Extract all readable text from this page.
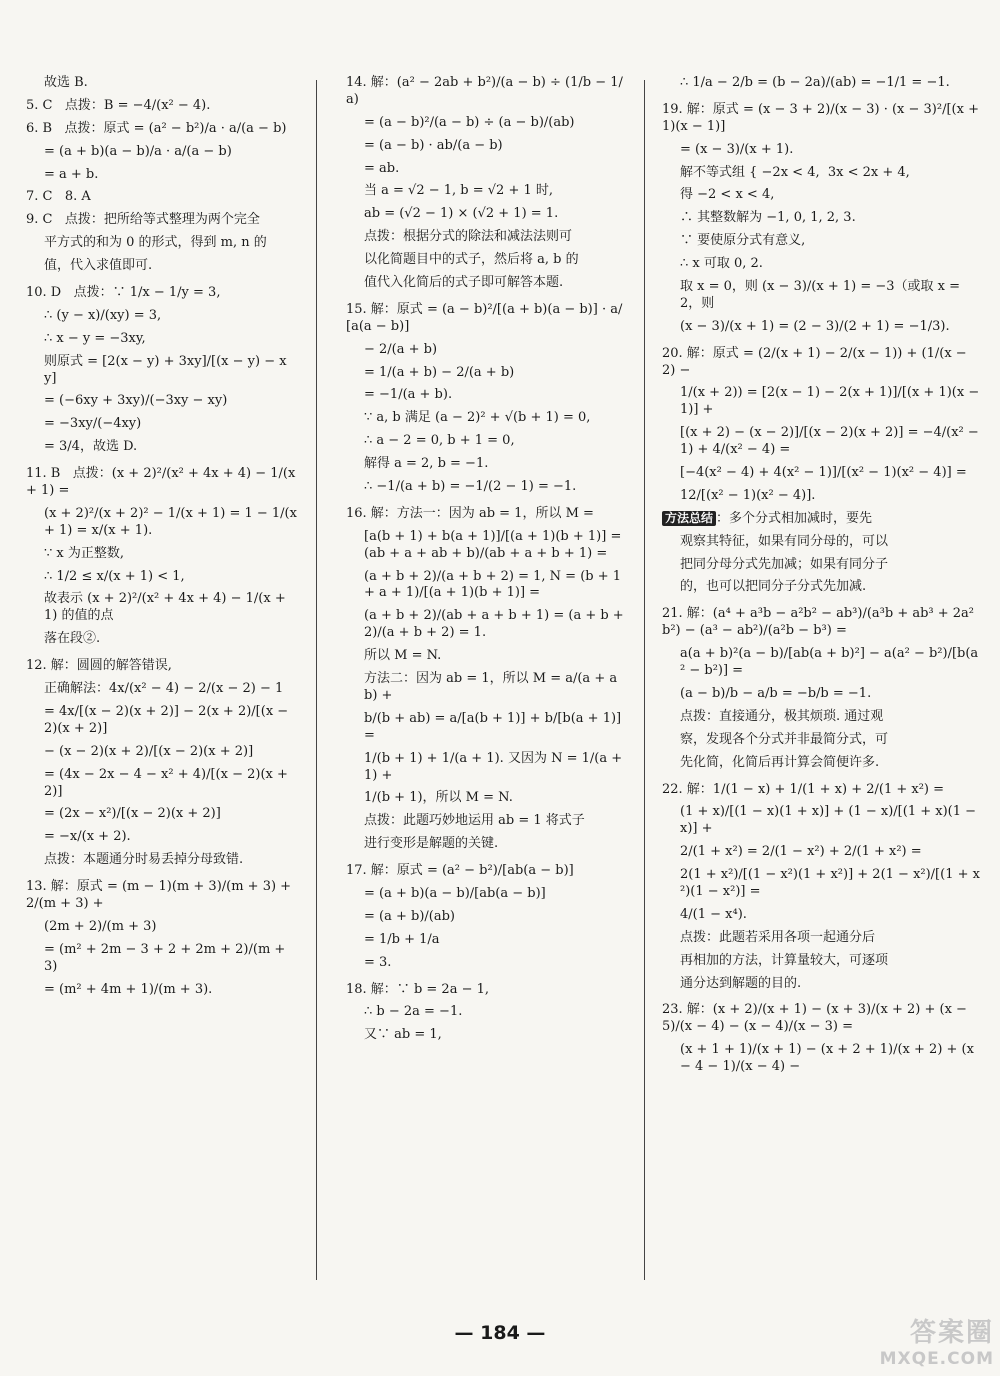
故选 B.
5. C   点拨：B = −4/(x² − 4).
6. B   点拨：原式 = (a² − b²)/a · a/(a − b)
= (a + b)(a − b)/a · a/(a − b)
= a + b.
7. C   8. A
9. C   点拨：把所给等式整理为两个完全
平方式的和为 0 的形式，得到 m, n 的
值，代入求值即可.
10. D   点拨：∵ 1/x − 1/y = 3,
∴ (y − x)/(xy) = 3,
∴ x − y = −3xy,
则原式 = [2(x − y) + 3xy]/[(x − y) − xy]
= (−6xy + 3xy)/(−3xy − xy)
= −3xy/(−4xy)
= 3/4，故选 D.
11. B   点拨：(x + 2)²/(x² + 4x + 4) − 1/(x + 1) =
(x + 2)²/(x + 2)² − 1/(x + 1) = 1 − 1/(x + 1) = x/(x + 1).
∵ x 为正整数,
∴ 1/2 ≤ x/(x + 1) < 1,
故表示 (x + 2)²/(x² + 4x + 4) − 1/(x + 1) 的值的点
落在段②.
12. 解：圆圆的解答错误,
正确解法：4x/(x² − 4) − 2/(x − 2) − 1
= 4x/[(x − 2)(x + 2)] − 2(x + 2)/[(x − 2)(x + 2)]
− (x − 2)(x + 2)/[(x − 2)(x + 2)]
= (4x − 2x − 4 − x² + 4)/[(x − 2)(x + 2)]
= (2x − x²)/[(x − 2)(x + 2)]
= −x/(x + 2).
点拨：本题通分时易丢掉分母致错.
13. 解：原式 = (m − 1)(m + 3)/(m + 3) + 2/(m + 3) +
(2m + 2)/(m + 3)
= (m² + 2m − 3 + 2 + 2m + 2)/(m + 3)
= (m² + 4m + 1)/(m + 3).
14. 解：(a² − 2ab + b²)/(a − b) ÷ (1/b − 1/a)
= (a − b)²/(a − b) ÷ (a − b)/(ab)
= (a − b) · ab/(a − b)
= ab.
当 a = √2 − 1, b = √2 + 1 时,
ab = (√2 − 1) × (√2 + 1) = 1.
点拨：根据分式的除法和减法法则可
以化简题目中的式子，然后将 a, b 的
值代入化简后的式子即可解答本题.
15. 解：原式 = (a − b)²/[(a + b)(a − b)] · a/[a(a − b)]
− 2/(a + b)
= 1/(a + b) − 2/(a + b)
= −1/(a + b).
∵ a, b 满足 (a − 2)² + √(b + 1) = 0,
∴ a − 2 = 0, b + 1 = 0,
解得 a = 2, b = −1.
∴ −1/(a + b) = −1/(2 − 1) = −1.
16. 解：方法一：因为 ab = 1，所以 M =
[a(b + 1) + b(a + 1)]/[(a + 1)(b + 1)] = (ab + a + ab + b)/(ab + a + b + 1) =
(a + b + 2)/(a + b + 2) = 1, N = (b + 1 + a + 1)/[(a + 1)(b + 1)] =
(a + b + 2)/(ab + a + b + 1) = (a + b + 2)/(a + b + 2) = 1.
所以 M = N.
方法二：因为 ab = 1，所以 M = a/(a + ab) +
b/(b + ab) = a/[a(b + 1)] + b/[b(a + 1)] =
1/(b + 1) + 1/(a + 1). 又因为 N = 1/(a + 1) +
1/(b + 1)，所以 M = N.
点拨：此题巧妙地运用 ab = 1 将式子
进行变形是解题的关键.
17. 解：原式 = (a² − b²)/[ab(a − b)]
= (a + b)(a − b)/[ab(a − b)]
= (a + b)/(ab)
= 1/b + 1/a
= 3.
18. 解：∵ b = 2a − 1,
∴ b − 2a = −1.
又∵ ab = 1,
∴ 1/a − 2/b = (b − 2a)/(ab) = −1/1 = −1.
19. 解：原式 = (x − 3 + 2)/(x − 3) · (x − 3)²/[(x + 1)(x − 1)]
= (x − 3)/(x + 1).
解不等式组 { −2x < 4,  3x < 2x + 4,
得 −2 < x < 4,
∴ 其整数解为 −1, 0, 1, 2, 3.
∵ 要使原分式有意义,
∴ x 可取 0, 2.
取 x = 0，则 (x − 3)/(x + 1) = −3（或取 x = 2，则
(x − 3)/(x + 1) = (2 − 3)/(2 + 1) = −1/3).
20. 解：原式 = (2/(x + 1) − 2/(x − 1)) + (1/(x − 2) −
1/(x + 2)) = [2(x − 1) − 2(x + 1)]/[(x + 1)(x − 1)] +
[(x + 2) − (x − 2)]/[(x − 2)(x + 2)] = −4/(x² − 1) + 4/(x² − 4) =
[−4(x² − 4) + 4(x² − 1)]/[(x² − 1)(x² − 4)] =
12/[(x² − 1)(x² − 4)].
方法总结 ：多个分式相加减时，要先
观察其特征，如果有同分母的，可以
把同分母分式先加减；如果有同分子
的，也可以把同分子分式先加减.
21. 解：(a⁴ + a³b − a²b² − ab³)/(a³b + ab³ + 2a²b²) − (a³ − ab²)/(a²b − b³) =
a(a + b)²(a − b)/[ab(a + b)²] − a(a² − b²)/[b(a² − b²)] =
(a − b)/b − a/b = −b/b = −1.
点拨：直接通分，极其烦琐. 通过观
察，发现各个分式并非最简分式，可
先化简，化简后再计算会简便许多.
22. 解：1/(1 − x) + 1/(1 + x) + 2/(1 + x²) =
(1 + x)/[(1 − x)(1 + x)] + (1 − x)/[(1 + x)(1 − x)] +
2/(1 + x²) = 2/(1 − x²) + 2/(1 + x²) =
2(1 + x²)/[(1 − x²)(1 + x²)] + 2(1 − x²)/[(1 + x²)(1 − x²)] =
4/(1 − x⁴).
点拨：此题若采用各项一起通分后
再相加的方法，计算量较大，可逐项
通分达到解题的目的.
23. 解：(x + 2)/(x + 1) − (x + 3)/(x + 2) + (x − 5)/(x − 4) − (x − 4)/(x − 3) =
(x + 1 + 1)/(x + 1) − (x + 2 + 1)/(x + 2) + (x − 4 − 1)/(x − 4) −
— 184 —	答案圈
MXQE.COM
